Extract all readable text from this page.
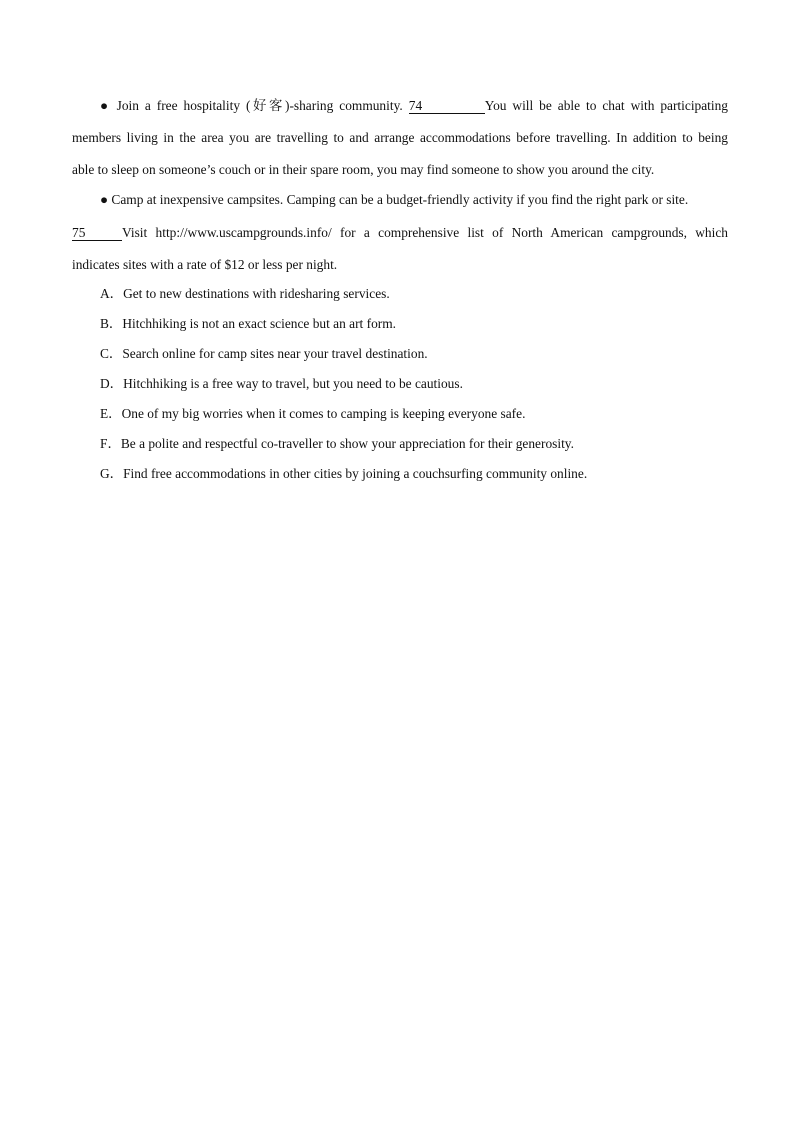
● Join a free hospitality (好客)-sharing community. 74	You will be able to chat with participating
members living in the area you are travelling to and arrange accommodations before travelling. In addition to being
able to sleep on someone’s couch or in their spare room, you may find someone to show you around the city.
● Camp at inexpensive campsites. Camping can be a budget-friendly activity if you find the right park or site.
75	Visit http://www.uscampgrounds.info/ for a comprehensive list of North American campgrounds, which
indicates sites with a rate of $12 or less per night.
A．Get to new destinations with ridesharing services.
B．Hitchhiking is not an exact science but an art form.
C．Search online for camp sites near your travel destination.
D．Hitchhiking is a free way to travel, but you need to be cautious.
E．One of my big worries when it comes to camping is keeping everyone safe.
F．Be a polite and respectful co-traveller to show your appreciation for their generosity.
G．Find free accommodations in other cities by joining a couchsurfing community online.
